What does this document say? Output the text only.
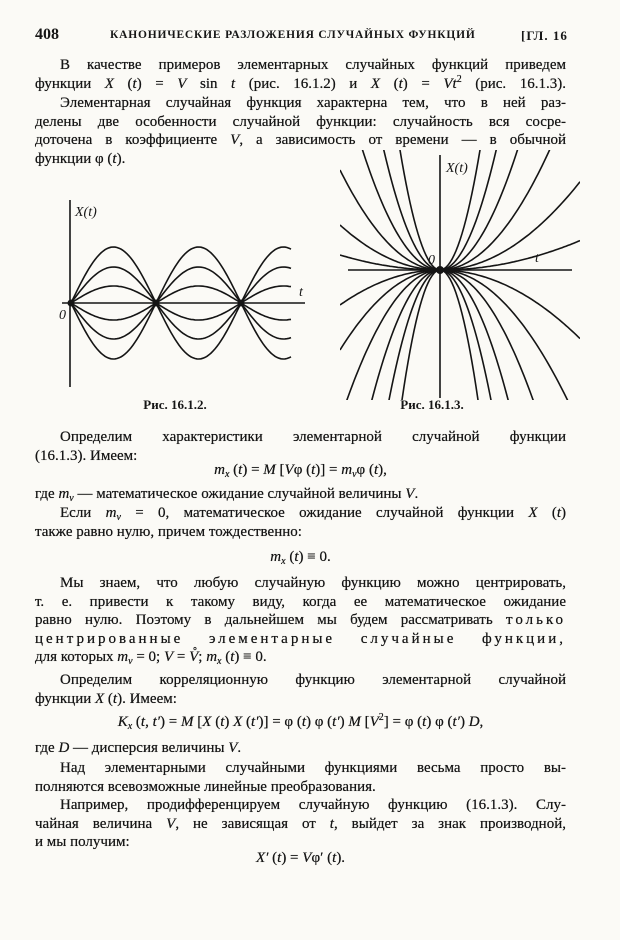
408	КАНОНИЧЕСКИЕ РАЗЛОЖЕНИЯ СЛУЧАЙНЫХ ФУНКЦИЙ	[ГЛ. 16
В качестве примеров элементарных случайных функций приведем
функции X (t) = V sin t (рис. 16.1.2) и X $(t) = Vt^2$ (рис. 16.1.3).
Элементарная случайная функция характерна тем, что в ней раз-
делены две особенности случайной функции: случайность вся сосре-
доточена в коэффициенте V, а зависимость от времени — в обычной
функции φ (t).
X(t)
t
0
X(t)
t
0
Рис. 16.1.2.	Рис. 16.1.3.
Определим характеристики элементарной случайной функции
(16.1.3). Имеем:
$m_x$ (t) = M [Vφ $(t)] = m_v\varphi$ (t),
где $m_v$ — математическое ожидание случайной величины V.
Если $m_v = 0$, математическое ожидание случайной функции X (t)
также равно нулю, причем тождественно:
$m_x$ (t) ≡ 0.
Мы знаем, что любую случайную функцию можно центрировать,
т. е. привести к такому виду, когда ее математическое ожидание
равно нулю. Поэтому в дальнейшем мы будем рассматривать только
центрированные элементарные случайные функции,
для которых $m_v = 0$; V = V̊; $m_x$ (t) ≡ 0.
Определим корреляционную функцию элементарной случайной
функции X (t). Имеем:
$K_x$ (t, t′) = M [X (t) X (t′)] = φ (t) φ (t′) M $[V^2] = \varphi$ (t) φ (t′) D,
где D — дисперсия величины V.
Над элементарными случайными функциями весьма просто вы-
полняются всевозможные линейные преобразования.
Например, продифференцируем случайную функцию (16.1.3). Слу-
чайная величина V, не зависящая от t, выйдет за знак производной,
и мы получим:
X′ (t) = Vφ′ (t).
